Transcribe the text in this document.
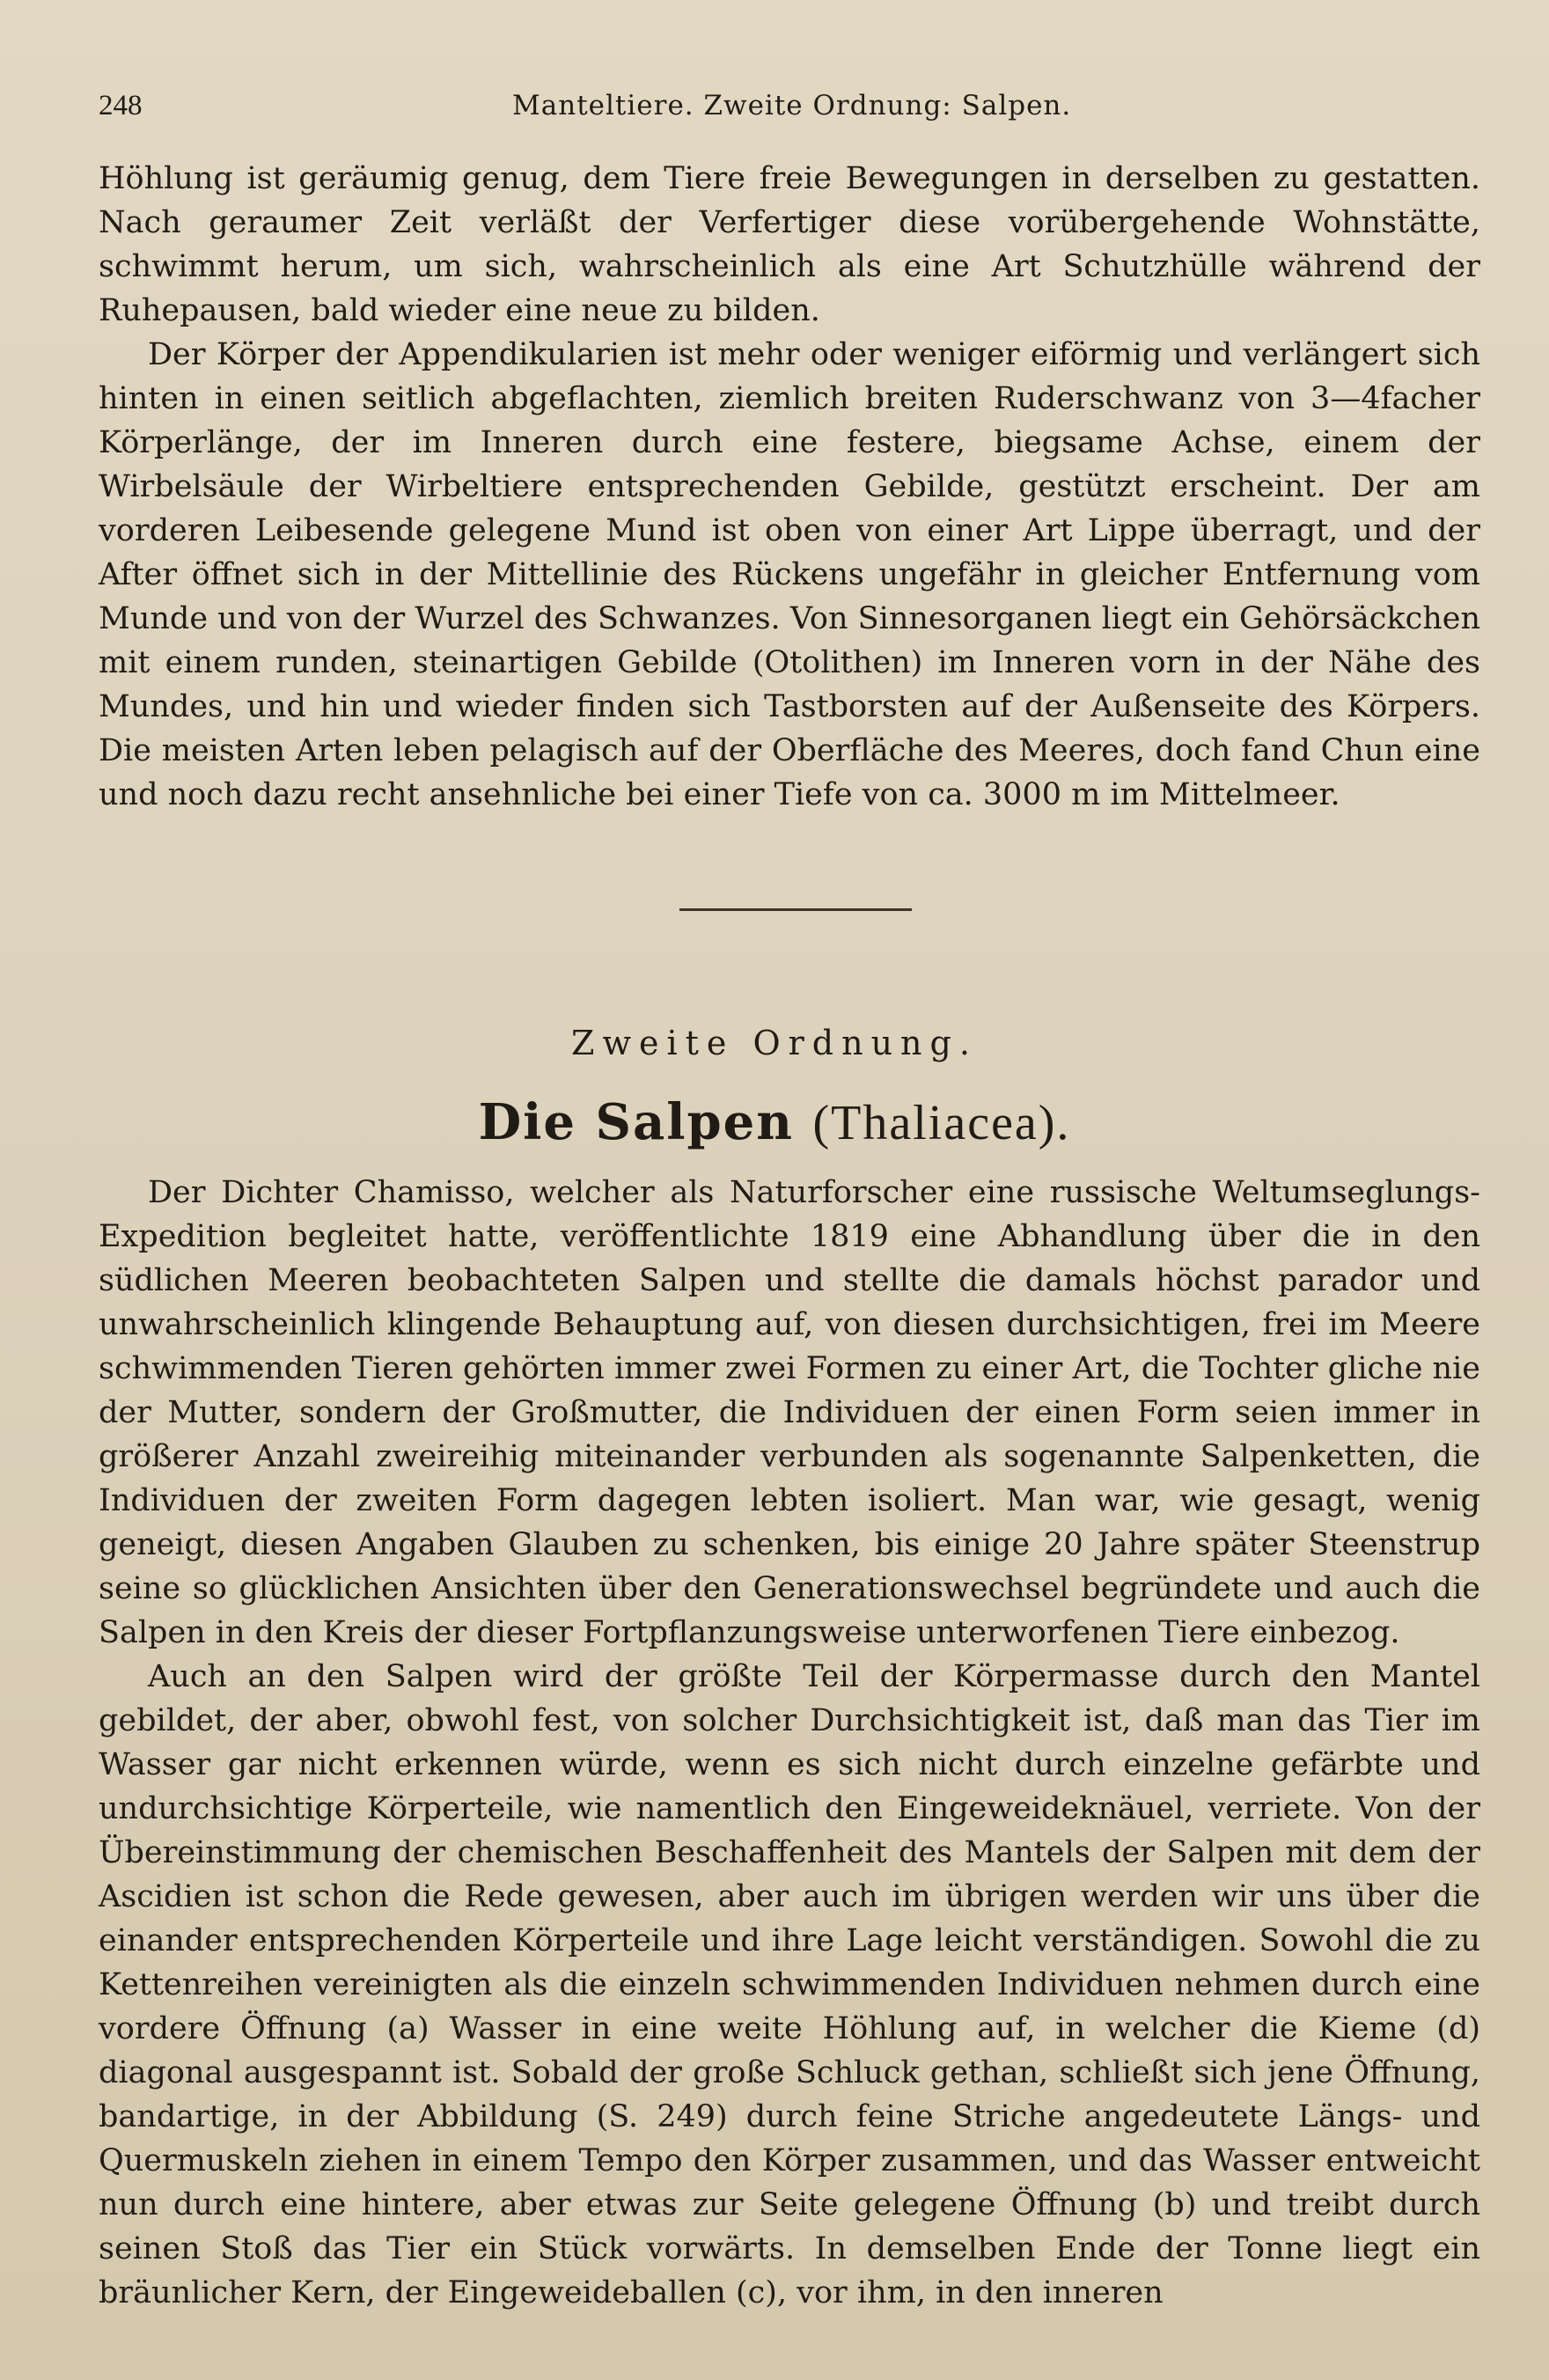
248	Manteltiere. Zweite Ordnung: Salpen.

Höhlung ist geräumig genug, dem Tiere freie Bewegungen in derselben zu gestatten. Nach geraumer Zeit verläßt der Verfertiger diese vorübergehende Wohnstätte, schwimmt herum, um sich, wahrscheinlich als eine Art Schutzhülle während der Ruhepausen, bald wieder eine neue zu bilden.

Der Körper der Appendikularien ist mehr oder weniger eiförmig und verlängert sich hinten in einen seitlich abgeflachten, ziemlich breiten Ruderschwanz von 3—4facher Körperlänge, der im Inneren durch eine festere, biegsame Achse, einem der Wirbelsäule der Wirbeltiere entsprechenden Gebilde, gestützt erscheint. Der am vorderen Leibesende gelegene Mund ist oben von einer Art Lippe überragt, und der After öffnet sich in der Mittellinie des Rückens ungefähr in gleicher Entfernung vom Munde und von der Wurzel des Schwanzes. Von Sinnesorganen liegt ein Gehörsäckchen mit einem runden, steinartigen Gebilde (Otolithen) im Inneren vorn in der Nähe des Mundes, und hin und wieder finden sich Tastborsten auf der Außenseite des Körpers. Die meisten Arten leben pelagisch auf der Oberfläche des Meeres, doch fand Chun eine und noch dazu recht ansehnliche bei einer Tiefe von ca. 3000 m im Mittelmeer.

Zweite Ordnung.
Die Salpen (Thaliacea).

Der Dichter Chamisso, welcher als Naturforscher eine russische Weltumseglungs-Expedition begleitet hatte, veröffentlichte 1819 eine Abhandlung über die in den südlichen Meeren beobachteten Salpen und stellte die damals höchst parador und unwahrscheinlich klingende Behauptung auf, von diesen durchsichtigen, frei im Meere schwimmenden Tieren gehörten immer zwei Formen zu einer Art, die Tochter gliche nie der Mutter, sondern der Großmutter, die Individuen der einen Form seien immer in größerer Anzahl zweireihig miteinander verbunden als sogenannte Salpenketten, die Individuen der zweiten Form dagegen lebten isoliert. Man war, wie gesagt, wenig geneigt, diesen Angaben Glauben zu schenken, bis einige 20 Jahre später Steenstrup seine so glücklichen Ansichten über den Generationswechsel begründete und auch die Salpen in den Kreis der dieser Fortpflanzungsweise unterworfenen Tiere einbezog.

Auch an den Salpen wird der größte Teil der Körpermasse durch den Mantel gebildet, der aber, obwohl fest, von solcher Durchsichtigkeit ist, daß man das Tier im Wasser gar nicht erkennen würde, wenn es sich nicht durch einzelne gefärbte und undurchsichtige Körperteile, wie namentlich den Eingeweideknäuel, verriete. Von der Übereinstimmung der chemischen Beschaffenheit des Mantels der Salpen mit dem der Ascidien ist schon die Rede gewesen, aber auch im übrigen werden wir uns über die einander entsprechenden Körperteile und ihre Lage leicht verständigen. Sowohl die zu Kettenreihen vereinigten als die einzeln schwimmenden Individuen nehmen durch eine vordere Öffnung (a) Wasser in eine weite Höhlung auf, in welcher die Kieme (d) diagonal ausgespannt ist. Sobald der große Schluck gethan, schließt sich jene Öffnung, bandartige, in der Abbildung (S. 249) durch feine Striche angedeutete Längs- und Quermuskeln ziehen in einem Tempo den Körper zusammen, und das Wasser entweicht nun durch eine hintere, aber etwas zur Seite gelegene Öffnung (b) und treibt durch seinen Stoß das Tier ein Stück vorwärts. In demselben Ende der Tonne liegt ein bräunlicher Kern, der Eingeweideballen (c), vor ihm, in den inneren
